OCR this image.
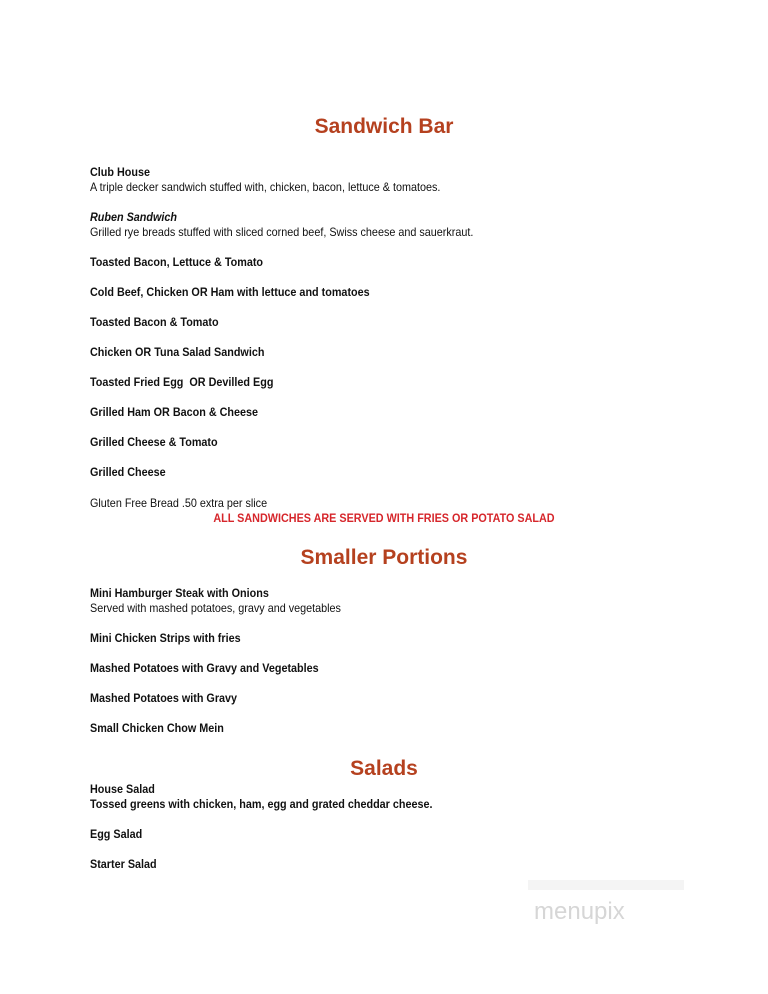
Sandwich Bar
Club House
A triple decker sandwich stuffed with, chicken, bacon, lettuce & tomatoes.
Ruben Sandwich
Grilled rye breads stuffed with sliced corned beef, Swiss cheese and sauerkraut.
Toasted Bacon, Lettuce & Tomato
Cold Beef, Chicken OR Ham with lettuce and tomatoes
Toasted Bacon & Tomato
Chicken OR Tuna Salad Sandwich
Toasted Fried Egg  OR Devilled Egg
Grilled Ham OR Bacon & Cheese
Grilled Cheese & Tomato
Grilled Cheese
Gluten Free Bread .50 extra per slice
ALL SANDWICHES ARE SERVED WITH FRIES OR POTATO SALAD
Smaller Portions
Mini Hamburger Steak with Onions
Served with mashed potatoes, gravy and vegetables
Mini Chicken Strips with fries
Mashed Potatoes with Gravy and Vegetables
Mashed Potatoes with Gravy
Small Chicken Chow Mein
Salads
House Salad
Tossed greens with chicken, ham, egg and grated cheddar cheese.
Egg Salad
Starter Salad
menupix
